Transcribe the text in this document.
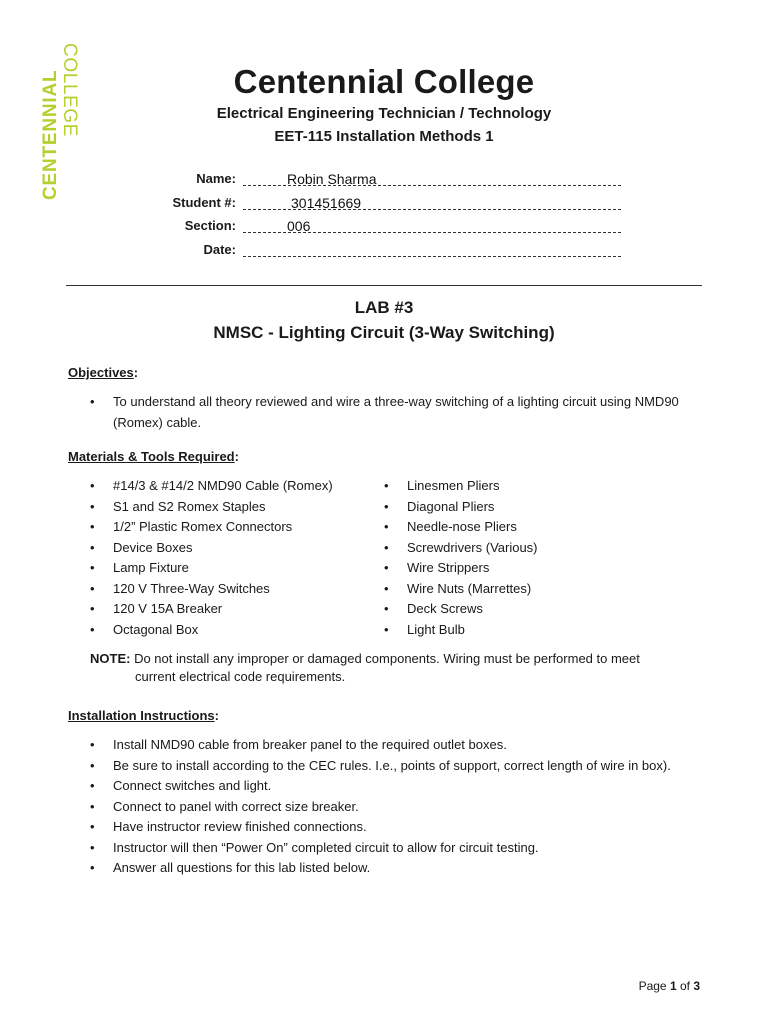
CENTENNIAL
COLLEGE	Centennial College
Electrical Engineering Technician / Technology
EET-115 Installation Methods 1
Name:	Robin Sharma
Student #:	301451669
Section:	006
Date:
LAB #3
NMSC - Lighting Circuit (3-Way Switching)
Objectives:
• To understand all theory reviewed and wire a three-way switching of a lighting circuit using NMD90 (Romex) cable.
Materials & Tools Required:
• #14/3 & #14/2 NMD90 Cable (Romex)
• S1 and S2 Romex Staples
• 1/2” Plastic Romex Connectors
• Device Boxes
• Lamp Fixture
• 120 V Three-Way Switches
• 120 V 15A Breaker
• Octagonal Box
• Linesmen Pliers
• Diagonal Pliers
• Needle-nose Pliers
• Screwdrivers (Various)
• Wire Strippers
• Wire Nuts (Marrettes)
• Deck Screws
• Light Bulb
NOTE: Do not install any improper or damaged components. Wiring must be performed to meet
current electrical code requirements.
Installation Instructions:
• Install NMD90 cable from breaker panel to the required outlet boxes.
• Be sure to install according to the CEC rules. I.e., points of support, correct length of wire in box).
• Connect switches and light.
• Connect to panel with correct size breaker.
• Have instructor review finished connections.
• Instructor will then “Power On” completed circuit to allow for circuit testing.
• Answer all questions for this lab listed below.
Page 1 of 3
